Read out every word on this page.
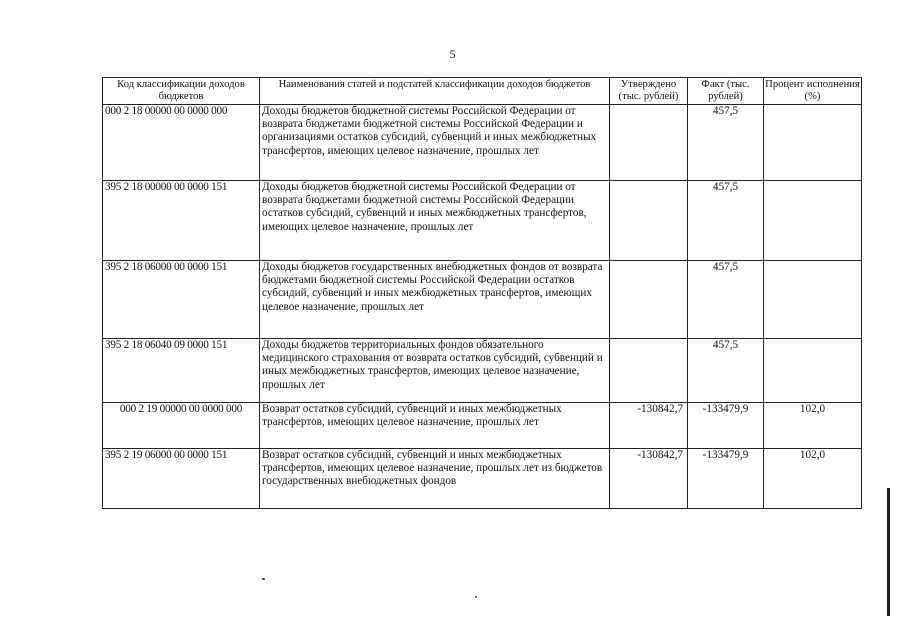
5
Код классификации доходов бюджетов	Наименования статей и подстатей классификации доходов бюджетов	Утверждено (тыс. рублей)	Факт (тыс. рублей)	Процент исполнения (%)
000 2 18 00000 00 0000 000	Доходы бюджетов бюджетной системы Российской Федерации от возврата бюджетами бюджетной системы Российской Федерации и организациями остатков субсидий, субвенций и иных межбюджетных трансфертов, имеющих целевое назначение, прошлых лет		457,5	
395 2 18 00000 00 0000 151	Доходы бюджетов бюджетной системы Российской Федерации от возврата бюджетами бюджетной системы Российской Федерации остатков субсидий, субвенций и иных межбюджетных трансфертов, имеющих целевое назначение, прошлых лет		457,5	
395 2 18 06000 00 0000 151	Доходы бюджетов государственных внебюджетных фондов от возврата бюджетами бюджетной системы Российской Федерации остатков субсидий, субвенций и иных межбюджетных трансфертов, имеющих целевое назначение, прошлых лет		457,5	
395 2 18 06040 09 0000 151	Доходы бюджетов территориальных фондов обязательного медицинского страхования от возврата остатков субсидий, субвенций и иных межбюджетных трансфертов, имеющих целевое назначение, прошлых лет		457,5	
000 2 19 00000 00 0000 000	Возврат остатков субсидий, субвенций и иных межбюджетных трансфертов, имеющих целевое назначение, прошлых лет	-130842,7	-133479,9	102,0
395 2 19 06000 00 0000 151	Возврат остатков субсидий, субвенций и иных межбюджетных трансфертов, имеющих целевое назначение, прошлых лет из бюджетов государственных внебюджетных фондов	-130842,7	-133479,9	102,0
